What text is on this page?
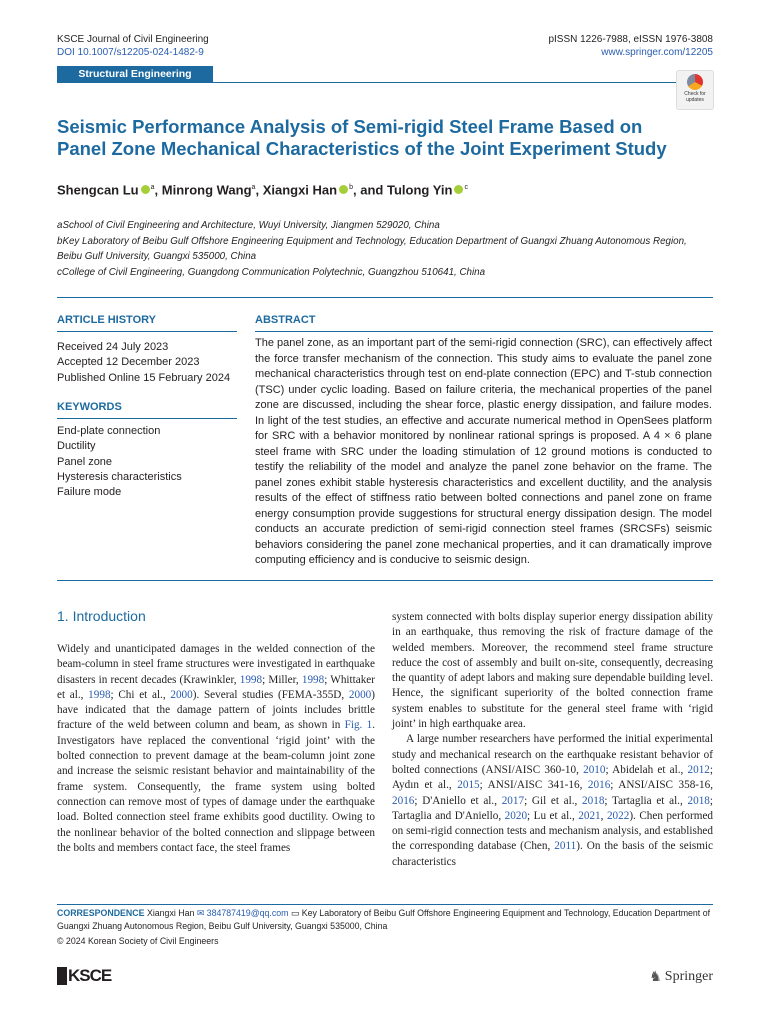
KSCE Journal of Civil Engineering
DOI 10.1007/s12205-024-1482-9
pISSN 1226-7988, eISSN 1976-3808
www.springer.com/12205
Structural Engineering
Check for updates
Seismic Performance Analysis of Semi-rigid Steel Frame Based on Panel Zone Mechanical Characteristics of the Joint Experiment Study
Shengcan Lu $^a$, Minrong Wang$^a$, Xiangxi Han $^b$, and Tulong Yin $^c$
aSchool of Civil Engineering and Architecture, Wuyi University, Jiangmen 529020, China
bKey Laboratory of Beibu Gulf Offshore Engineering Equipment and Technology, Education Department of Guangxi Zhuang Autonomous Region, Beibu Gulf University, Guangxi 535000, China
cCollege of Civil Engineering, Guangdong Communication Polytechnic, Guangzhou 510641, China
ARTICLE HISTORY
Received 24 July 2023
Accepted 12 December 2023
Published Online 15 February 2024
KEYWORDS
End-plate connection
Ductility
Panel zone
Hysteresis characteristics
Failure mode
ABSTRACT
The panel zone, as an important part of the semi-rigid connection (SRC), can effectively affect the force transfer mechanism of the connection. This study aims to evaluate the panel zone mechanical characteristics through test on end-plate connection (EPC) and T-stub connection (TSC) under cyclic loading. Based on failure criteria, the mechanical properties of the panel zone are discussed, including the shear force, plastic energy dissipation, and failure modes. In light of the test studies, an effective and accurate numerical method in OpenSees platform for SRC with a behavior monitored by nonlinear rational springs is proposed. A 4 × 6 plane steel frame with SRC under the loading stimulation of 12 ground motions is conducted to testify the reliability of the model and analyze the panel zone behavior on the frame. The panel zones exhibit stable hysteresis characteristics and excellent ductility, and the analysis results of the effect of stiffness ratio between bolted connections and panel zone on frame energy consumption provide suggestions for structural energy dissipation design. The model conducts an accurate prediction of semi-rigid connection steel frames (SRCSFs) seismic behaviors considering the panel zone mechanical properties, and it can dramatically improve computing efficiency and is conducive to seismic design.
1. Introduction
Widely and unanticipated damages in the welded connection of the beam-column in steel frame structures were investigated in earthquake disasters in recent decades (Krawinkler, 1998; Miller, 1998; Whittaker et al., 1998; Chi et al., 2000). Several studies (FEMA-355D, 2000) have indicated that the damage pattern of joints includes brittle fracture of the weld between column and beam, as shown in Fig. 1. Investigators have replaced the conventional ‘rigid joint’ with the bolted connection to prevent damage at the beam-column joint zone and increase the seismic resistant behavior and maintainability of the frame system. Consequently, the frame system using bolted connection can remove most of types of damage under the earthquake load. Bolted connection steel frame exhibits good ductility. Owing to the nonlinear behavior of the bolted connection and slippage between the bolts and members contact face, the steel frames
system connected with bolts display superior energy dissipation ability in an earthquake, thus removing the risk of fracture damage of the welded members. Moreover, the recommend steel frame structure reduce the cost of assembly and built on-site, consequently, decreasing the quantity of adept labors and making sure dependable building level. Hence, the significant superiority of the bolted connection frame system enables to substitute for the general steel frame with ‘rigid joint’ in high earthquake area.
A large number researchers have performed the initial experimental study and mechanical research on the earthquake resistant behavior of bolted connections (ANSI/AISC 360-10, 2010; Abidelah et al., 2012; Aydın et al., 2015; ANSI/AISC 341-16, 2016; ANSI/AISC 358-16, 2016; D'Aniello et al., 2017; Gil et al., 2018; Tartaglia et al., 2018; Tartaglia and D'Aniello, 2020; Lu et al., 2021, 2022). Chen performed on semi-rigid connection tests and mechanism analysis, and established the corresponding database (Chen, 2011). On the basis of the seismic characteristics
CORRESPONDENCE Xiangxi Han ✉ 384787419@qq.com ▭ Key Laboratory of Beibu Gulf Offshore Engineering Equipment and Technology, Education Department of Guangxi Zhuang Autonomous Region, Beibu Gulf University, Guangxi 535000, China
© 2024 Korean Society of Civil Engineers
KSCE	♞ Springer
